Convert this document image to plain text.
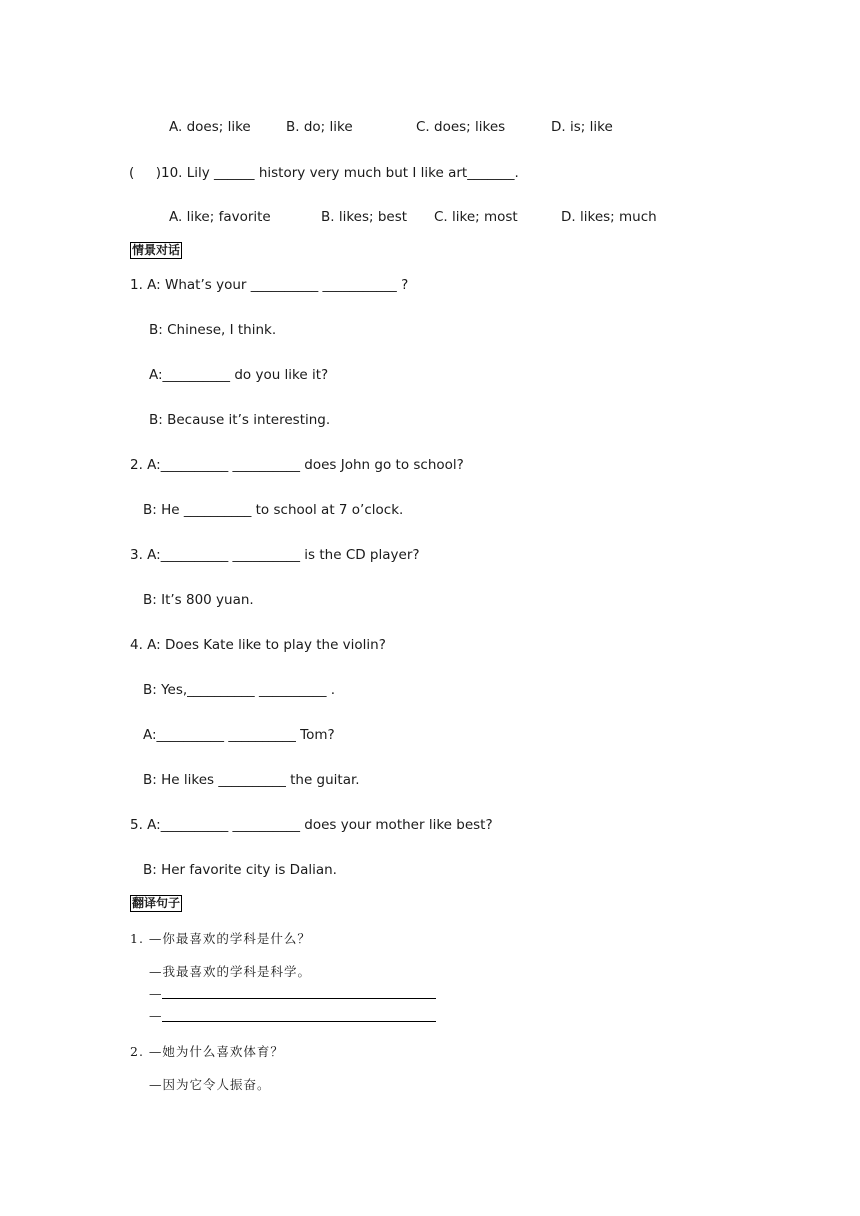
A. does; like	B. do; like	C. does; likes	D. is; like
(     )10. Lily ______ history very much but I like art_______.
A. like; favorite	B. likes; best C. like; most	D. likes; much
情景对话
1. A: What’s your __________ ___________ ?
B: Chinese, I think.
A:__________ do you like it?
B: Because it’s interesting.
2. A:__________ __________ does John go to school?
B: He __________ to school at 7 o’clock.
3. A:__________ __________ is the CD player?
B: It’s 800 yuan.
4. A: Does Kate like to play the violin?
B: Yes,__________ __________ .
A:__________ __________ Tom?
B: He likes __________ the guitar.
5. A:__________ __________ does your mother like best?
B: Her favorite city is Dalian.
翻译句子
1. —你最喜欢的学科是什么？
—我最喜欢的学科是科学。
—
—
2. —她为什么喜欢体育？
—因为它令人振奋。
